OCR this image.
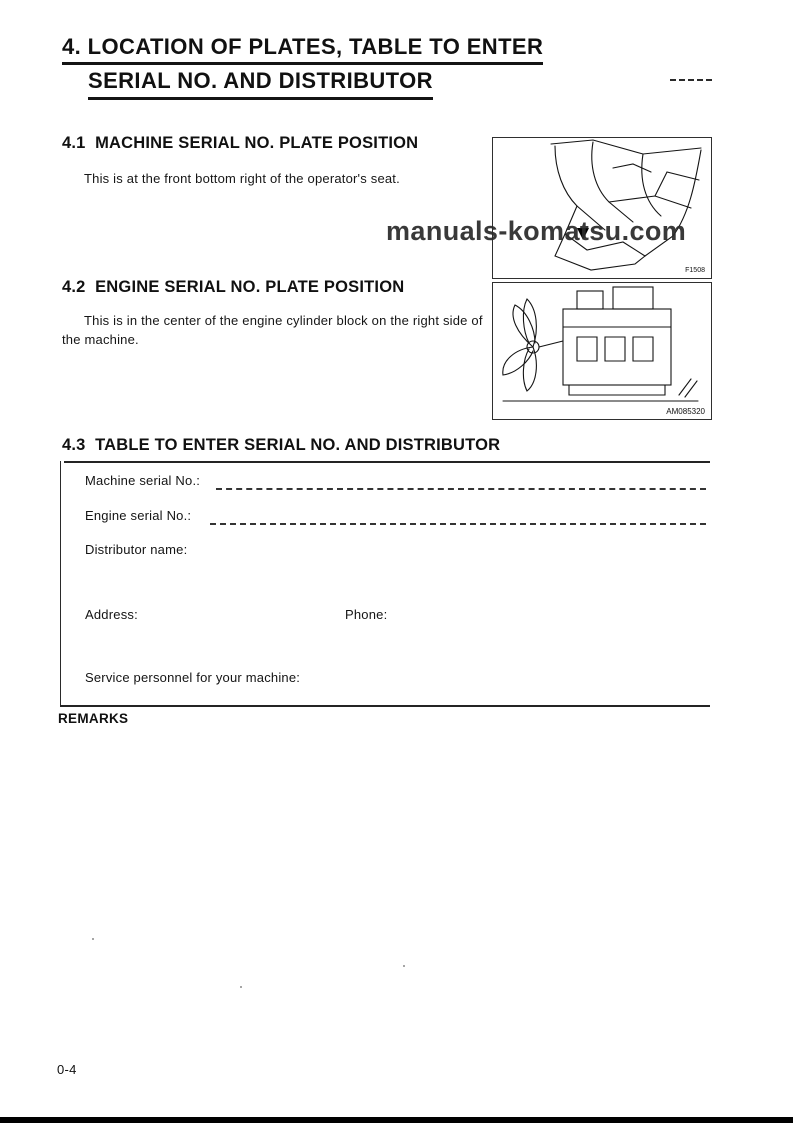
4. LOCATION OF PLATES, TABLE TO ENTER
SERIAL NO. AND DISTRIBUTOR
4.1  MACHINE SERIAL NO. PLATE POSITION
This is at the front bottom right of the operator's seat.
F1508
manuals-komatsu.com
4.2  ENGINE SERIAL NO. PLATE POSITION
This is in the center of the engine cylinder block on the right side of the machine.
AM085320
4.3  TABLE TO ENTER SERIAL NO. AND DISTRIBUTOR
Machine serial No.:
Engine serial No.:
Distributor name:
Address:	Phone:
Service personnel for your machine:
REMARKS
0-4
